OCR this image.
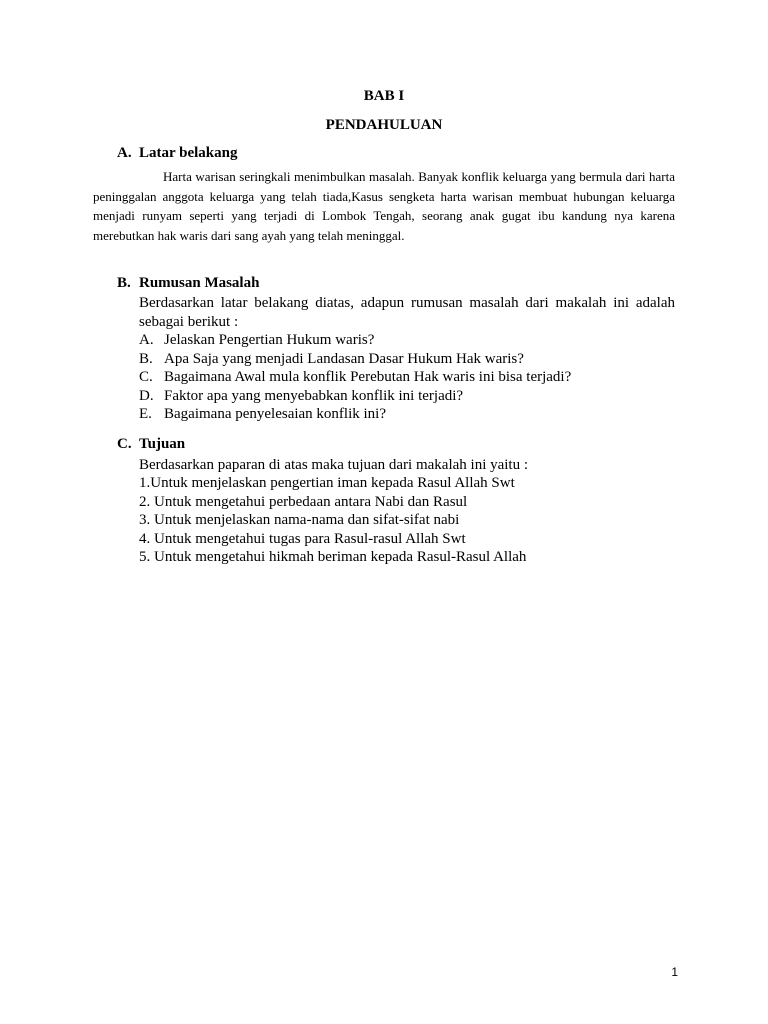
BAB I
PENDAHULUAN
A. Latar belakang
Harta warisan seringkali menimbulkan masalah. Banyak konflik keluarga yang bermula dari harta peninggalan anggota keluarga yang telah tiada,Kasus sengketa harta warisan membuat hubungan keluarga menjadi runyam seperti yang terjadi di Lombok Tengah, seorang anak gugat ibu kandung nya karena merebutkan hak waris dari sang ayah yang telah meninggal.
B. Rumusan Masalah
Berdasarkan latar belakang diatas, adapun rumusan masalah dari makalah ini adalah sebagai berikut :
A. Jelaskan Pengertian Hukum waris?
B. Apa Saja yang menjadi Landasan Dasar Hukum Hak waris?
C. Bagaimana Awal mula konflik Perebutan Hak waris ini bisa terjadi?
D. Faktor apa yang menyebabkan konflik ini terjadi?
E. Bagaimana penyelesaian konflik ini?
C. Tujuan
Berdasarkan paparan di atas maka tujuan dari makalah ini yaitu :
1.Untuk menjelaskan pengertian iman kepada Rasul Allah Swt
2. Untuk mengetahui perbedaan antara Nabi dan Rasul
3. Untuk menjelaskan nama-nama dan sifat-sifat nabi
4. Untuk mengetahui tugas para Rasul-rasul Allah Swt
5. Untuk mengetahui hikmah beriman kepada Rasul-Rasul Allah
1
